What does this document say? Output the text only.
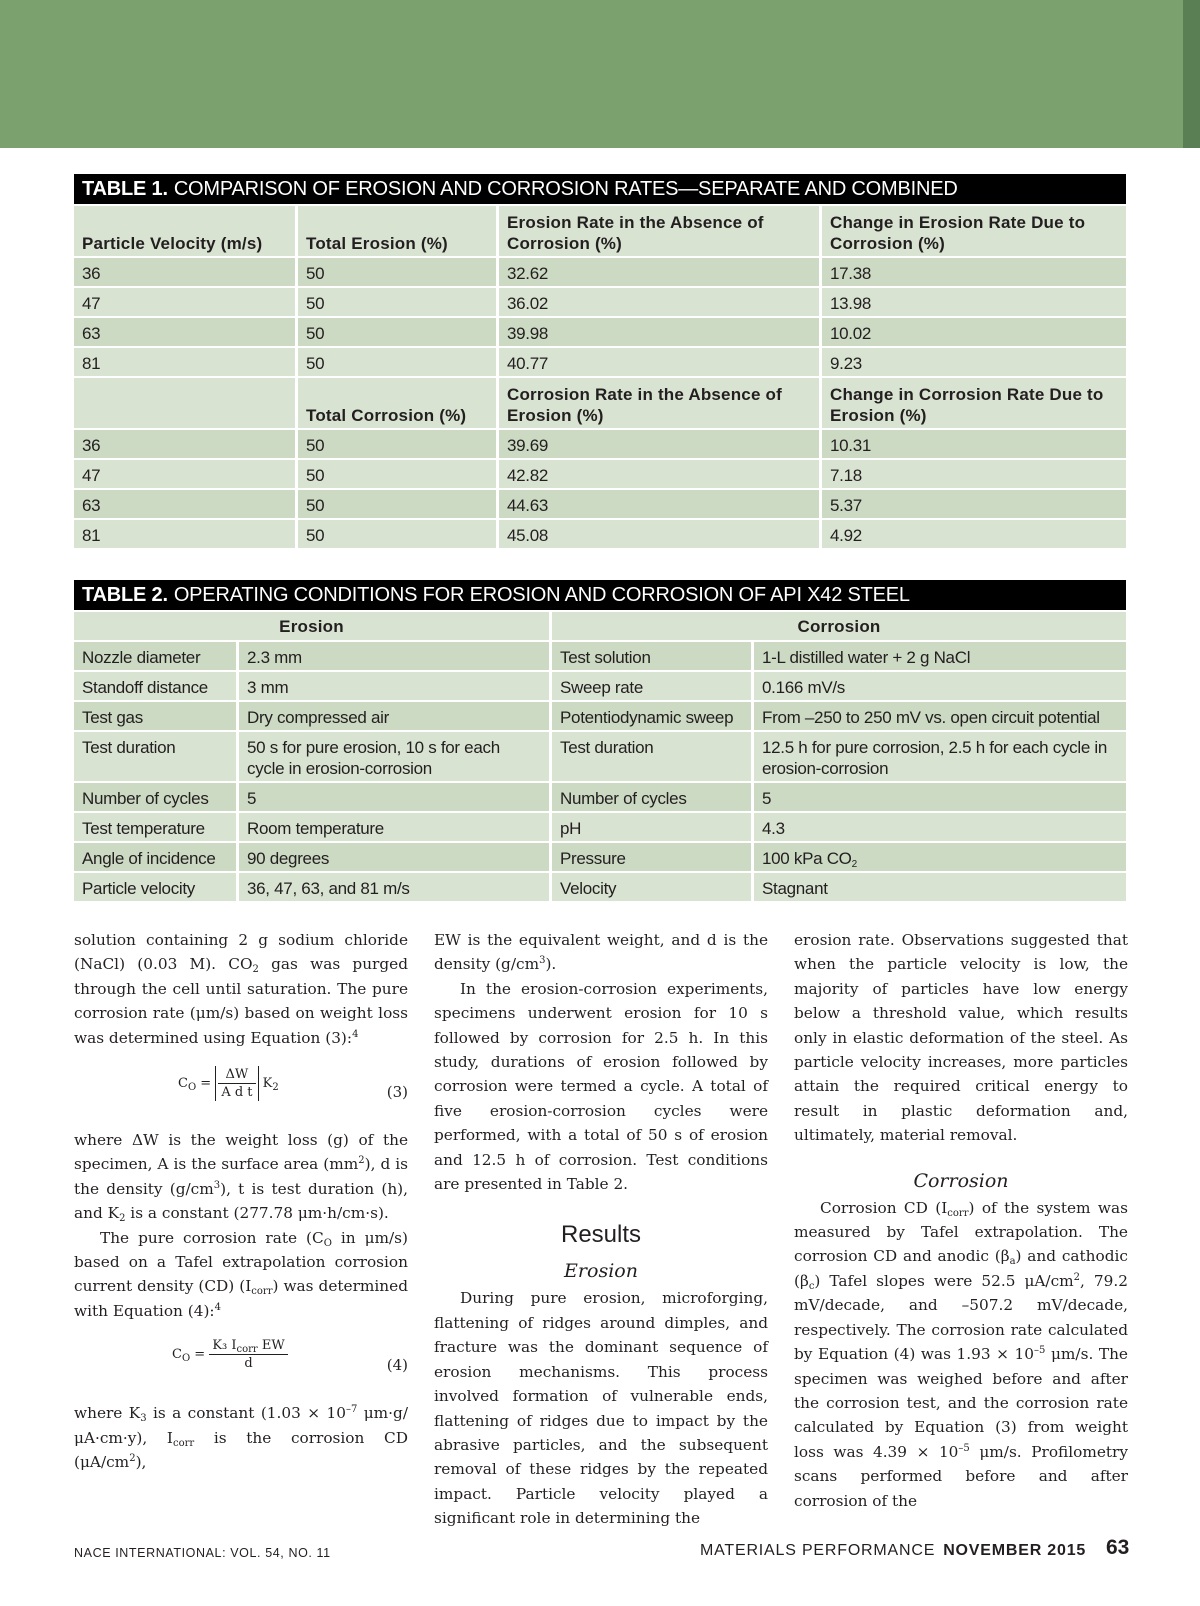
TABLE 1. COMPARISON OF EROSION AND CORROSION RATES—SEPARATE AND COMBINED
Particle Velocity (m/s)	Total Erosion (%)	Erosion Rate in the Absence of Corrosion (%)	Change in Erosion Rate Due to Corrosion (%)
36	50	32.62	17.38
47	50	36.02	13.98
63	50	39.98	10.02
81	50	40.77	9.23
	Total Corrosion (%)	Corrosion Rate in the Absence of Erosion (%)	Change in Corrosion Rate Due to Erosion (%)
36	50	39.69	10.31
47	50	42.82	7.18
63	50	44.63	5.37
81	50	45.08	4.92
TABLE 2. OPERATING CONDITIONS FOR EROSION AND CORROSION OF API X42 STEEL
Erosion		Corrosion	
Nozzle diameter	2.3 mm	Test solution	1-L distilled water + 2 g NaCl
Standoff distance	3 mm	Sweep rate	0.166 mV/s
Test gas	Dry compressed air	Potentiodynamic sweep	From –250 to 250 mV vs. open circuit potential
Test duration	50 s for pure erosion, 10 s for each cycle in erosion-corrosion	Test duration	12.5 h for pure corrosion, 2.5 h for each cycle in erosion-corrosion
Number of cycles	5	Number of cycles	5
Test temperature	Room temperature	pH	4.3
Angle of incidence	90 degrees	Pressure	100 kPa $CO_2$
Particle velocity	36, 47, 63, and 81 m/s	Velocity	Stagnant

solution containing 2 g sodium chloride (NaCl) (0.03 M). $CO_2$ gas was purged through the cell until saturation. The pure corrosion rate (μm/s) based on weight loss was determined using Equation (3):$^4$

$C_O = \frac{\Delta W}{\text{A d t}} K_2$	(3)

where ΔW is the weight loss (g) of the specimen, A is the surface area $(mm^2)$, d is the density $(g/cm^3)$, t is test duration (h), and $K_2$ is a constant (277.78 μm·h/cm·s).

The pure corrosion rate ($C_O$ in μm/s) based on a Tafel extrapolation corrosion current density (CD) $(I_{corr})$ was determined with Equation (4):$^4$

$C_O = \frac{K_3 I_{corr} EW}{d}$	(4)

where $K_3$ is a constant ($1.03 \times 10^{-7}$ μm·g/μA·cm·y), $I_{corr}$ is the corrosion CD $(\mu A/cm^2)$,

EW is the equivalent weight, and d is the density $(g/cm^3)$.

In the erosion-corrosion experiments, specimens underwent erosion for 10 s followed by corrosion for 2.5 h. In this study, durations of erosion followed by corrosion were termed a cycle. A total of five erosion-corrosion cycles were performed, with a total of 50 s of erosion and 12.5 h of corrosion. Test conditions are presented in Table 2.

Results
Erosion

During pure erosion, microforging, flattening of ridges around dimples, and fracture was the dominant sequence of erosion mechanisms. This process involved formation of vulnerable ends, flattening of ridges due to impact by the abrasive particles, and the subsequent removal of these ridges by the repeated impact. Particle velocity played a significant role in determining the

erosion rate. Observations suggested that when the particle velocity is low, the majority of particles have low energy below a threshold value, which results only in elastic deformation of the steel. As particle velocity increases, more particles attain the required critical energy to result in plastic deformation and, ultimately, material removal.

Corrosion

Corrosion CD $(I_{corr})$ of the system was measured by Tafel extrapolation. The corrosion CD and anodic $(\beta_a)$ and cathodic $(\beta_c)$ Tafel slopes were 52.5 $\mu A/cm^2$, 79.2 mV/decade, and –507.2 mV/decade, respectively. The corrosion rate calculated by Equation (4) was $1.93 \times 10^{-5}$ μm/s. The specimen was weighed before and after the corrosion test, and the corrosion rate calculated by Equation (3) from weight loss was $4.39 \times 10^{-5}$ μm/s. Profilometry scans performed before and after corrosion of the

NACE INTERNATIONAL: VOL. 54, NO. 11	MATERIALS PERFORMANCE NOVEMBER 2015 63
